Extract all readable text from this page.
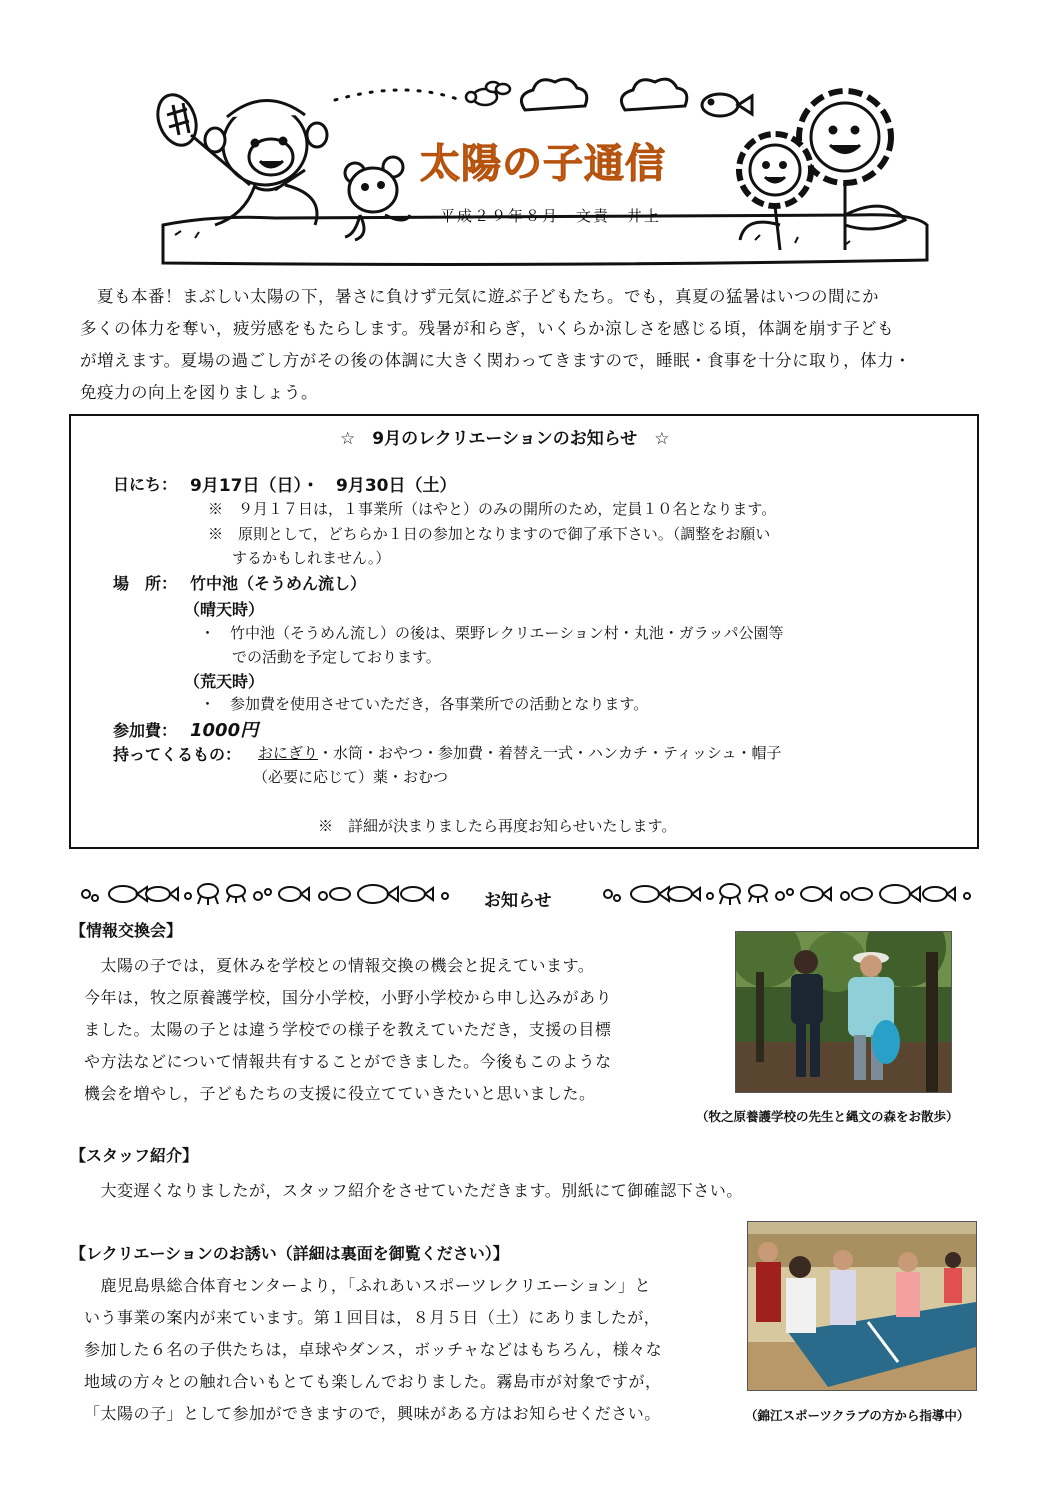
太陽の子通信
平成２９年８月　文責　井上
　夏も本番！まぶしい太陽の下，暑さに負けず元気に遊ぶ子どもたち。でも，真夏の猛暑はいつの間にか
多くの体力を奪い，疲労感をもたらします。残暑が和らぎ，いくらか涼しさを感じる頃，体調を崩す子ども
が増えます。夏場の過ごし方がその後の体調に大きく関わってきますので，睡眠・食事を十分に取り，体力・
免疫力の向上を図りましょう。
☆　9月のレクリエーションのお知らせ　☆
日にち： 9月17日（日）・　9月30日（土）
※　９月１７日は，１事業所（はやと）のみの開所のため，定員１０名となります。
※　原則として，どちらか１日の参加となりますので御了承下さい。（調整をお願い
するかもしれません。）
場　所： 竹中池（そうめん流し）
（晴天時）
・　竹中池（そうめん流し）の後は、栗野レクリエーション村・丸池・ガラッパ公園等
での活動を予定しております。
（荒天時）
・　参加費を使用させていただき，各事業所での活動となります。
参加費： 1000円
持ってくるもの： おにぎり・水筒・おやつ・参加費・着替え一式・ハンカチ・ティッシュ・帽子
（必要に応じて）薬・おむつ
※　詳細が決まりましたら再度お知らせいたします。
お知らせ
【情報交換会】
　太陽の子では，夏休みを学校との情報交換の機会と捉えています。
今年は，牧之原養護学校，国分小学校，小野小学校から申し込みがあり
ました。太陽の子とは違う学校での様子を教えていただき，支援の目標
や方法などについて情報共有することができました。今後もこのような
機会を増やし，子どもたちの支援に役立てていきたいと思いました。
（牧之原養護学校の先生と縄文の森をお散歩）
【スタッフ紹介】
　大変遅くなりましたが，スタッフ紹介をさせていただきます。別紙にて御確認下さい。
【レクリエーションのお誘い（詳細は裏面を御覧ください）】
　鹿児島県総合体育センターより，「ふれあいスポーツレクリエーション」と
いう事業の案内が来ています。第１回目は，８月５日（土）にありましたが，
参加した６名の子供たちは，卓球やダンス，ボッチャなどはもちろん，様々な
地域の方々との触れ合いもとても楽しんでおりました。霧島市が対象ですが，
「太陽の子」として参加ができますので，興味がある方はお知らせください。	（錦江スポーツクラブの方から指導中）
